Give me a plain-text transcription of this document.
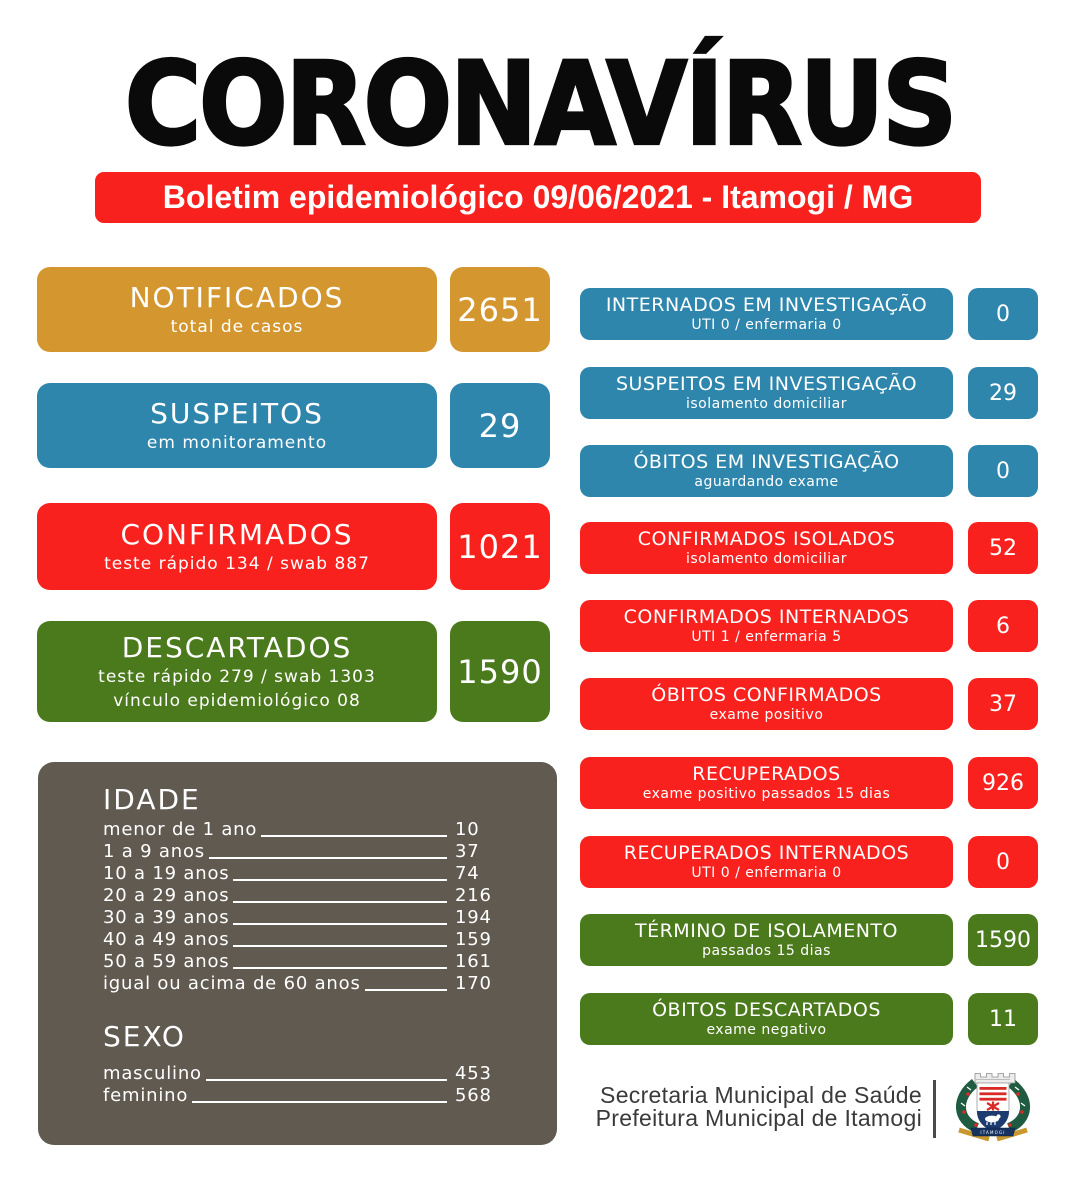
CORONAVÍRUS
Boletim epidemiológico 09/06/2021 - Itamogi / MG
NOTIFICADOS
total de casos	2651
SUSPEITOS
em monitoramento	29
CONFIRMADOS
teste rápido 134 / swab 887	1021
DESCARTADOS
teste rápido 279 / swab 1303
vínculo epidemiológico 08
1590
IDADE
menor de 1 ano	10
1 a 9 anos	37
10 a 19 anos	74
20 a 29 anos	216
30 a 39 anos	194
40 a 49 anos	159
50 a 59 anos	161
igual ou acima de 60 anos	170
SEXO
masculino	453
feminino	568
INTERNADOS EM INVESTIGAÇÃO
UTI 0 / enfermaria 0	0
SUSPEITOS EM INVESTIGAÇÃO
isolamento domiciliar	29
ÓBITOS EM INVESTIGAÇÃO
aguardando exame	0
CONFIRMADOS ISOLADOS
isolamento domiciliar	52
CONFIRMADOS INTERNADOS
UTI 1 / enfermaria 5	6
ÓBITOS CONFIRMADOS
exame positivo	37
RECUPERADOS
exame positivo passados 15 dias	926
RECUPERADOS INTERNADOS
UTI 0 / enfermaria 0	0
TÉRMINO DE ISOLAMENTO
passados 15 dias	1590
ÓBITOS DESCARTADOS
exame negativo	11
Secretaria Municipal de Saúde
Prefeitura Municipal de Itamogi
ITAMOGI
